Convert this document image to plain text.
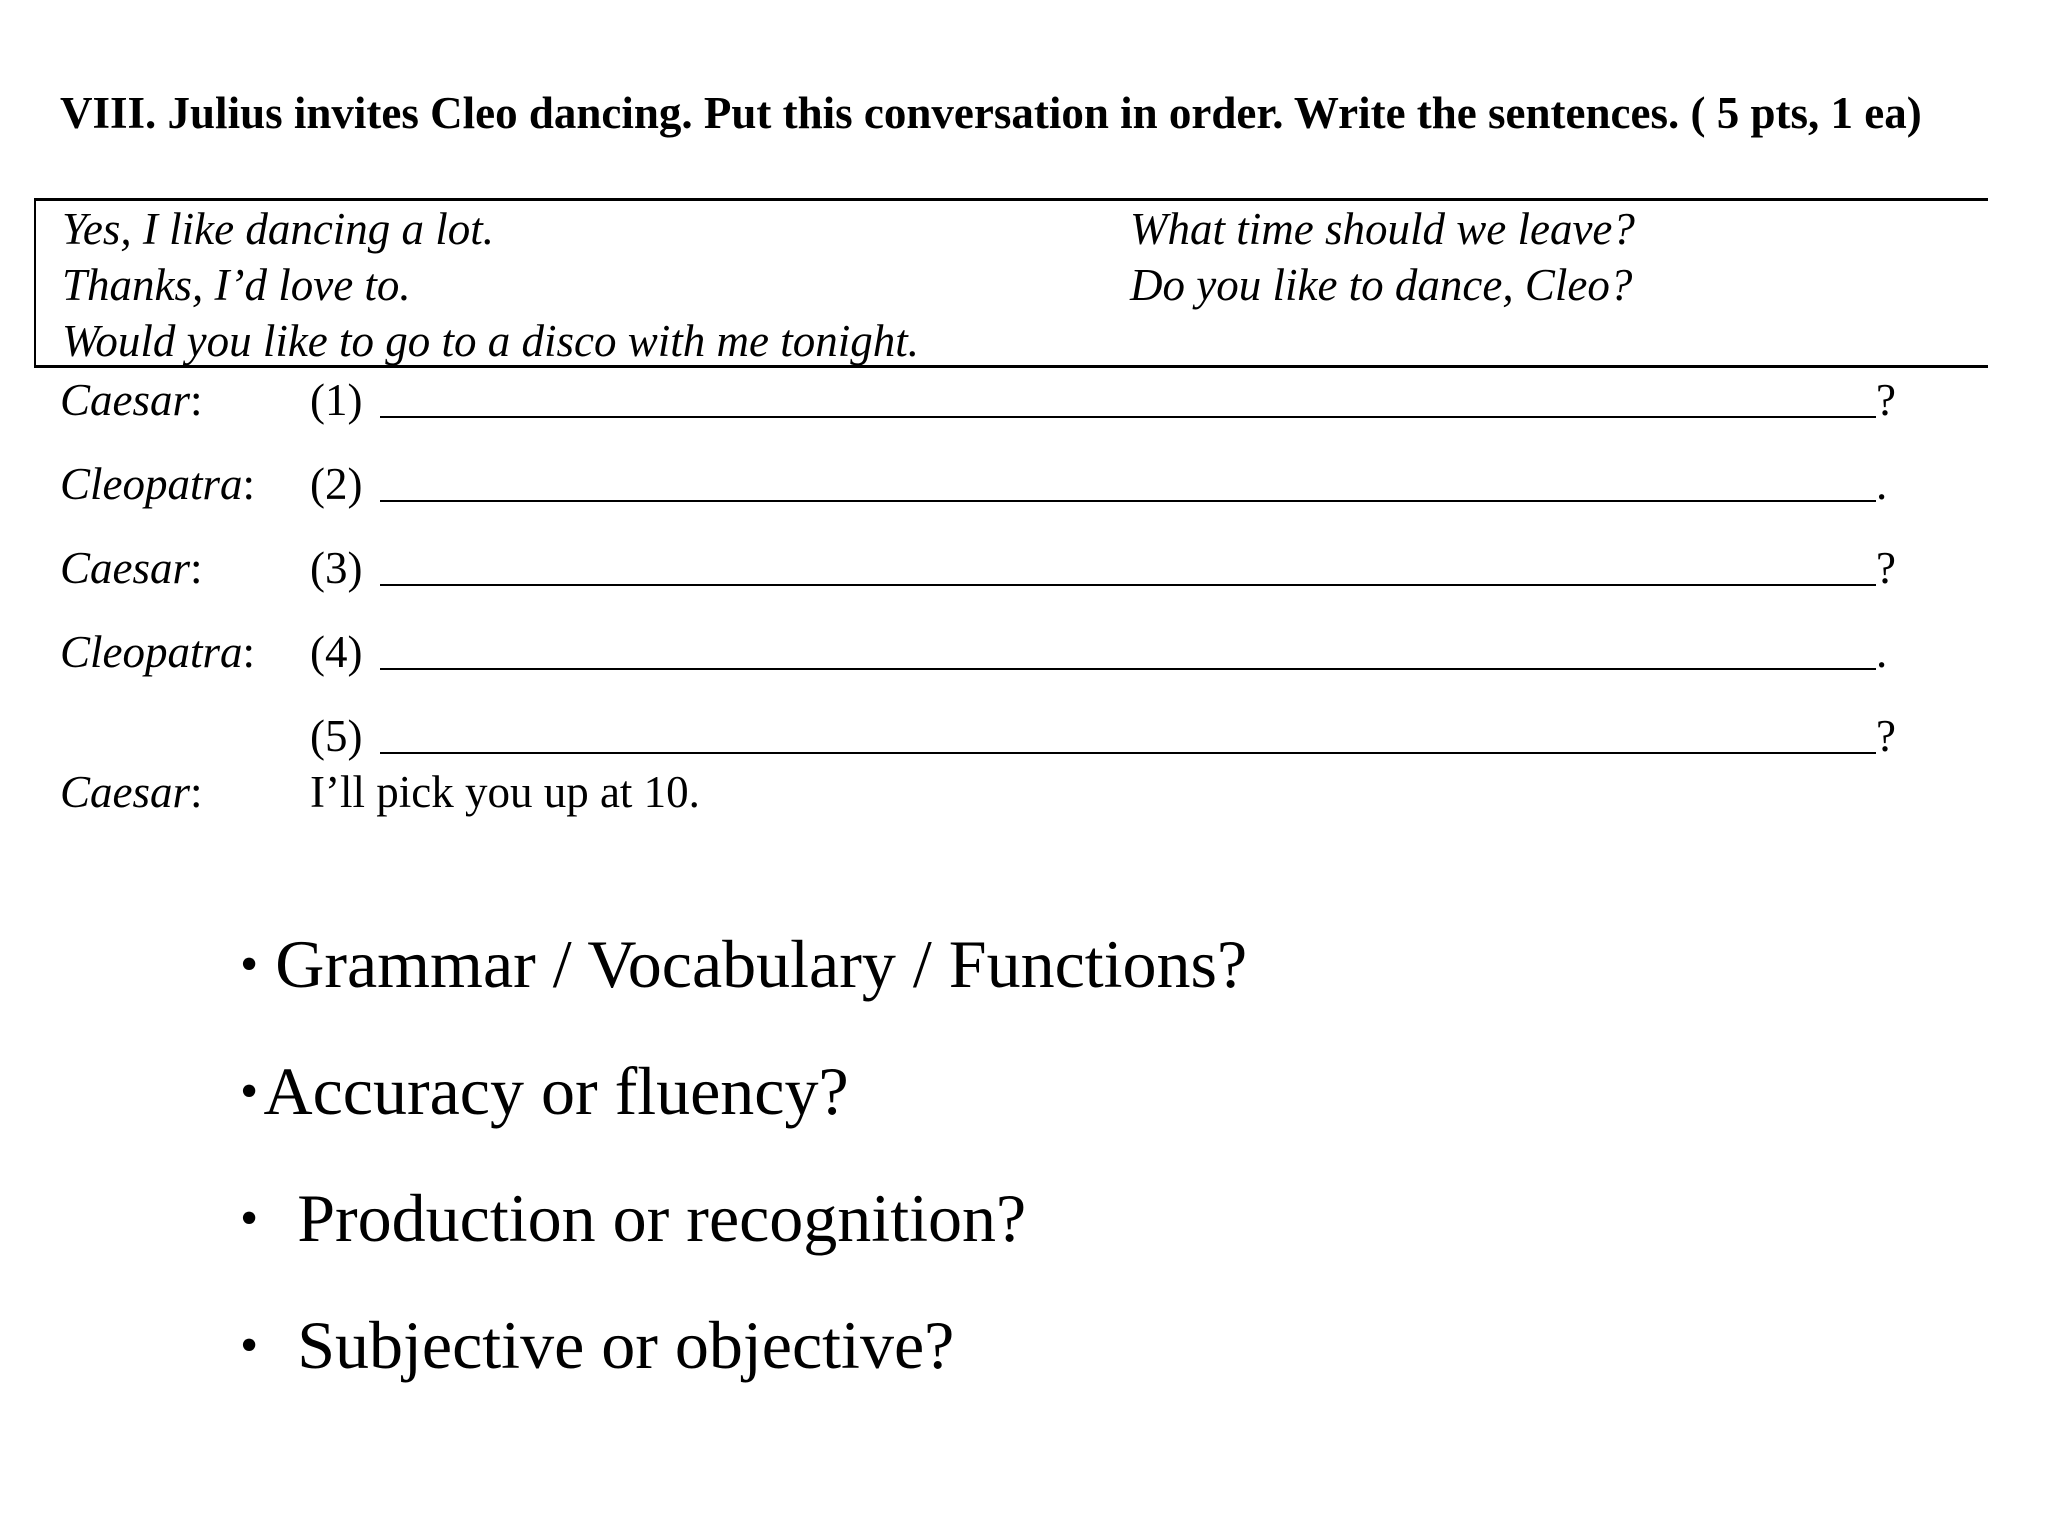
VIII. Julius invites Cleo dancing. Put this conversation in order. Write the sentences. ( 5 pts, 1 ea)
Yes, I like dancing a lot.
Thanks, I’d love to.
Would you like to go to a disco with me tonight.
What time should we leave?
Do you like to dance, Cleo?
Caesar: (1)	?
Cleopatra: (2)	.
Caesar: (3)	?
Cleopatra: (4)	.
(5)	?
Caesar: I’ll pick you up at 10.
• Grammar / Vocabulary / Functions?
• Accuracy or fluency?
• Production or recognition?
• Subjective or objective?
